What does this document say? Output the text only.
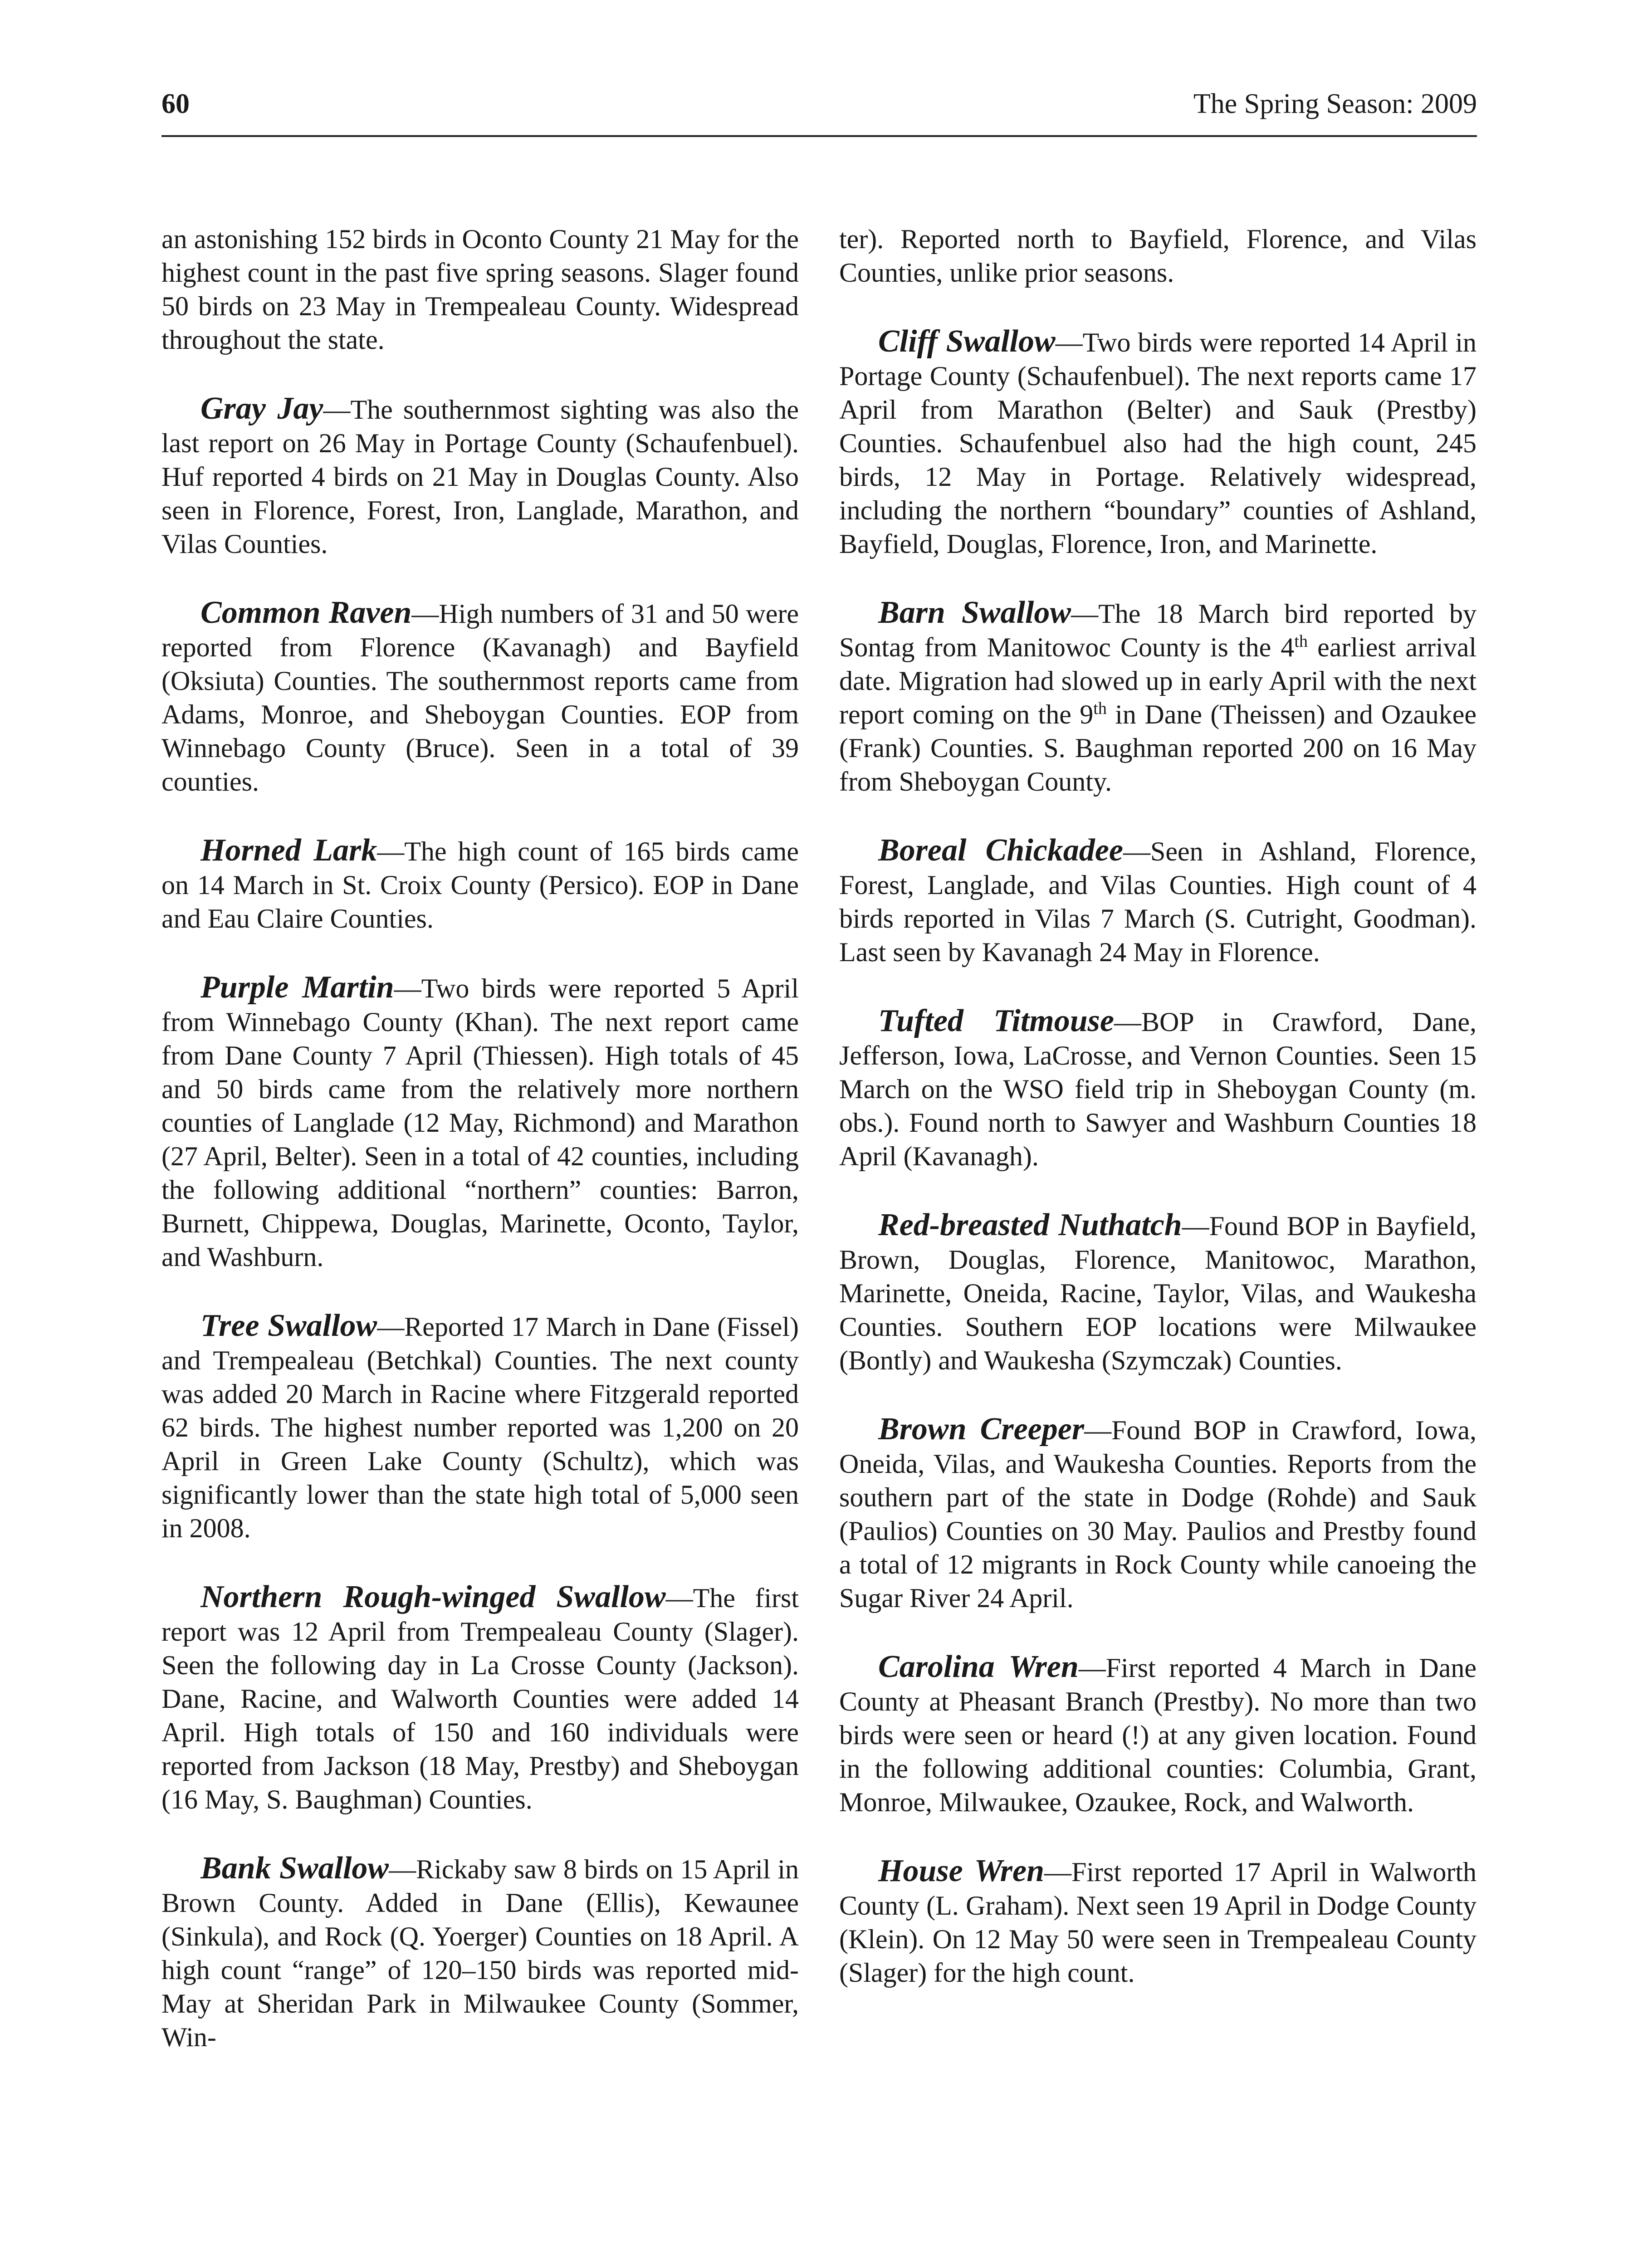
60	The Spring Season: 2009

an astonishing 152 birds in Oconto County 21 May for the highest count in the past five spring seasons. Slager found 50 birds on 23 May in Trempealeau County. Widespread throughout the state.

Gray Jay—The southernmost sighting was also the last report on 26 May in Portage County (Schaufenbuel). Huf reported 4 birds on 21 May in Douglas County. Also seen in Florence, Forest, Iron, Langlade, Marathon, and Vilas Counties.

Common Raven—High numbers of 31 and 50 were reported from Florence (Kavanagh) and Bayfield (Oksiuta) Counties. The southernmost reports came from Adams, Monroe, and Sheboygan Counties. EOP from Winnebago County (Bruce). Seen in a total of 39 counties.

Horned Lark—The high count of 165 birds came on 14 March in St. Croix County (Persico). EOP in Dane and Eau Claire Counties.

Purple Martin—Two birds were reported 5 April from Winnebago County (Khan). The next report came from Dane County 7 April (Thiessen). High totals of 45 and 50 birds came from the relatively more northern counties of Langlade (12 May, Richmond) and Marathon (27 April, Belter). Seen in a total of 42 counties, including the following additional “northern” counties: Barron, Burnett, Chippewa, Douglas, Marinette, Oconto, Taylor, and Washburn.

Tree Swallow—Reported 17 March in Dane (Fissel) and Trempealeau (Betchkal) Counties. The next county was added 20 March in Racine where Fitzgerald reported 62 birds. The highest number reported was 1,200 on 20 April in Green Lake County (Schultz), which was significantly lower than the state high total of 5,000 seen in 2008.

Northern Rough-winged Swallow—The first report was 12 April from Trempealeau County (Slager). Seen the following day in La Crosse County (Jackson). Dane, Racine, and Walworth Counties were added 14 April. High totals of 150 and 160 individuals were reported from Jackson (18 May, Prestby) and Sheboygan (16 May, S. Baughman) Counties.

Bank Swallow—Rickaby saw 8 birds on 15 April in Brown County. Added in Dane (Ellis), Kewaunee (Sinkula), and Rock (Q. Yoerger) Counties on 18 April. A high count “range” of 120–150 birds was reported mid-May at Sheridan Park in Milwaukee County (Sommer, Win-

ter). Reported north to Bayfield, Florence, and Vilas Counties, unlike prior seasons.

Cliff Swallow—Two birds were reported 14 April in Portage County (Schaufenbuel). The next reports came 17 April from Marathon (Belter) and Sauk (Prestby) Counties. Schaufenbuel also had the high count, 245 birds, 12 May in Portage. Relatively widespread, including the northern “boundary” counties of Ashland, Bayfield, Douglas, Florence, Iron, and Marinette.

Barn Swallow—The 18 March bird reported by Sontag from Manitowoc County is the 4th earliest arrival date. Migration had slowed up in early April with the next report coming on the 9th in Dane (Theissen) and Ozaukee (Frank) Counties. S. Baughman reported 200 on 16 May from Sheboygan County.

Boreal Chickadee—Seen in Ashland, Florence, Forest, Langlade, and Vilas Counties. High count of 4 birds reported in Vilas 7 March (S. Cutright, Goodman). Last seen by Kavanagh 24 May in Florence.

Tufted Titmouse—BOP in Crawford, Dane, Jefferson, Iowa, LaCrosse, and Vernon Counties. Seen 15 March on the WSO field trip in Sheboygan County (m. obs.). Found north to Sawyer and Washburn Counties 18 April (Kavanagh).

Red-breasted Nuthatch—Found BOP in Bayfield, Brown, Douglas, Florence, Manitowoc, Marathon, Marinette, Oneida, Racine, Taylor, Vilas, and Waukesha Counties. Southern EOP locations were Milwaukee (Bontly) and Waukesha (Szymczak) Counties.

Brown Creeper—Found BOP in Crawford, Iowa, Oneida, Vilas, and Waukesha Counties. Reports from the southern part of the state in Dodge (Rohde) and Sauk (Paulios) Counties on 30 May. Paulios and Prestby found a total of 12 migrants in Rock County while canoeing the Sugar River 24 April.

Carolina Wren—First reported 4 March in Dane County at Pheasant Branch (Prestby). No more than two birds were seen or heard (!) at any given location. Found in the following additional counties: Columbia, Grant, Monroe, Milwaukee, Ozaukee, Rock, and Walworth.

House Wren—First reported 17 April in Walworth County (L. Graham). Next seen 19 April in Dodge County (Klein). On 12 May 50 were seen in Trempealeau County (Slager) for the high count.
